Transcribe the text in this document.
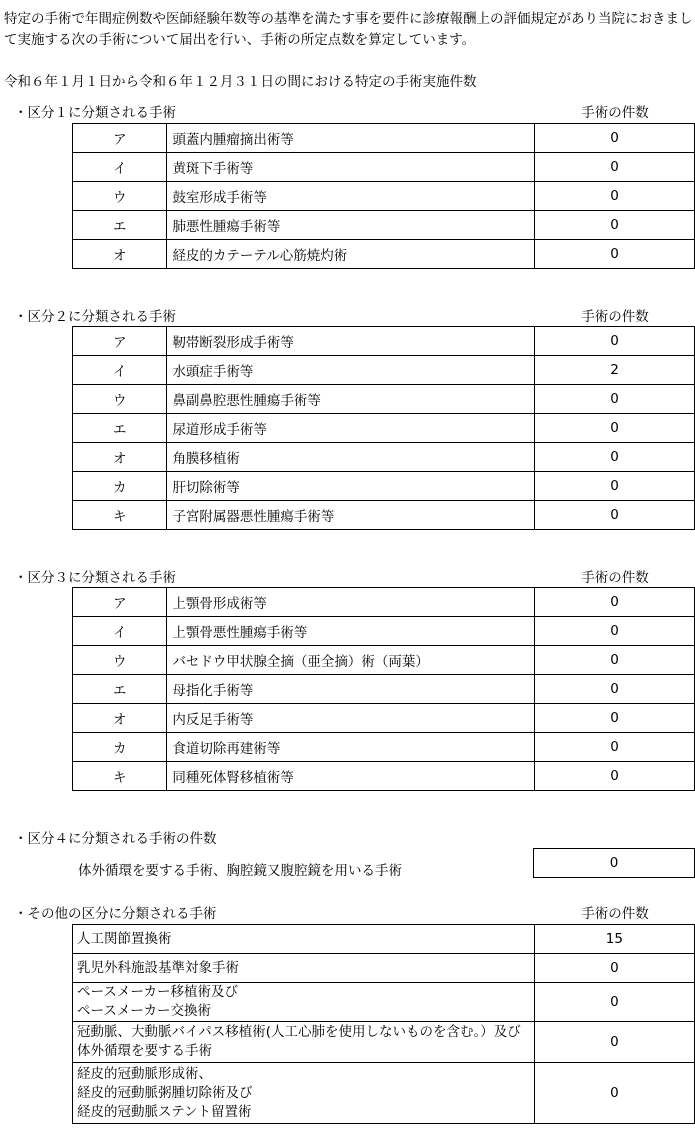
特定の手術で年間症例数や医師経験年数等の基準を満たす事を要件に診療報酬上の評価規定があり当院におきまして実施する次の手術について届出を行い、手術の所定点数を算定しています。
令和６年１月１日から令和６年１２月３１日の間における特定の手術実施件数
・区分１に分類される手術	手術の件数
ア	頭蓋内腫瘤摘出術等	0
イ	黄斑下手術等	0
ウ	鼓室形成手術等	0
エ	肺悪性腫瘍手術等	0
オ	経皮的カテーテル心筋焼灼術	0
・区分２に分類される手術	手術の件数
ア	靭帯断裂形成手術等	0
イ	水頭症手術等	2
ウ	鼻副鼻腔悪性腫瘍手術等	0
エ	尿道形成手術等	0
オ	角膜移植術	0
カ	肝切除術等	0
キ	子宮附属器悪性腫瘍手術等	0
・区分３に分類される手術	手術の件数
ア	上顎骨形成術等	0
イ	上顎骨悪性腫瘍手術等	0
ウ	バセドウ甲状腺全摘（亜全摘）術（両葉）	0
エ	母指化手術等	0
オ	内反足手術等	0
カ	食道切除再建術等	0
キ	同種死体腎移植術等	0
・区分４に分類される手術の件数
体外循環を要する手術、胸腔鏡又腹腔鏡を用いる手術	0
・その他の区分に分類される手術	手術の件数
人工関節置換術	15
乳児外科施設基準対象手術	0
ペースメーカー移植術及び
ペースメーカー交換術	0
冠動脈、大動脈バイパス移植術(人工心肺を使用しないものを含む。）及び
体外循環を要する手術	0
経皮的冠動脈形成術、
経皮的冠動脈粥腫切除術及び
経皮的冠動脈ステント留置術	0
